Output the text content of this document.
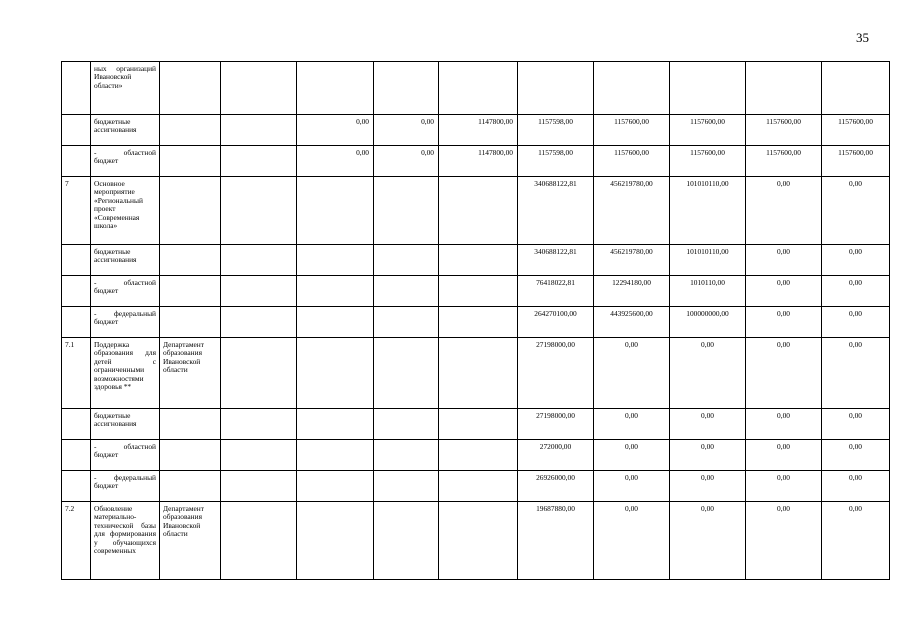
35
	ных организаций Ивановской области»											
	бюджетные ассигнования			0,00	0,00	1147800,00	1157598,00	1157600,00	1157600,00	1157600,00	1157600,00	
	- областной бюджет			0,00	0,00	1147800,00	1157598,00	1157600,00	1157600,00	1157600,00	1157600,00	
7	Основное мероприятие «Региональный проект «Современная школа»						340688122,81	456219780,00	101010110,00	0,00	0,00	
	бюджетные ассигнования						340688122,81	456219780,00	101010110,00	0,00	0,00	
	- областной бюджет						76418022,81	12294180,00	1010110,00	0,00	0,00	
	- федеральный бюджет						264270100,00	443925600,00	100000000,00	0,00	0,00	
7.1	Поддержка образования для детей с ограниченными возможностями здоровья **	Департамент образования Ивановской области					27198000,00	0,00	0,00	0,00	0,00	
	бюджетные ассигнования						27198000,00	0,00	0,00	0,00	0,00	
	- областной бюджет						272000,00	0,00	0,00	0,00	0,00	
	- федеральный бюджет						26926000,00	0,00	0,00	0,00	0,00	
7.2	Обновление материально-технической базы для формирования у обучающихся современных	Департамент образования Ивановской области					19687880,00	0,00	0,00	0,00	0,00	
